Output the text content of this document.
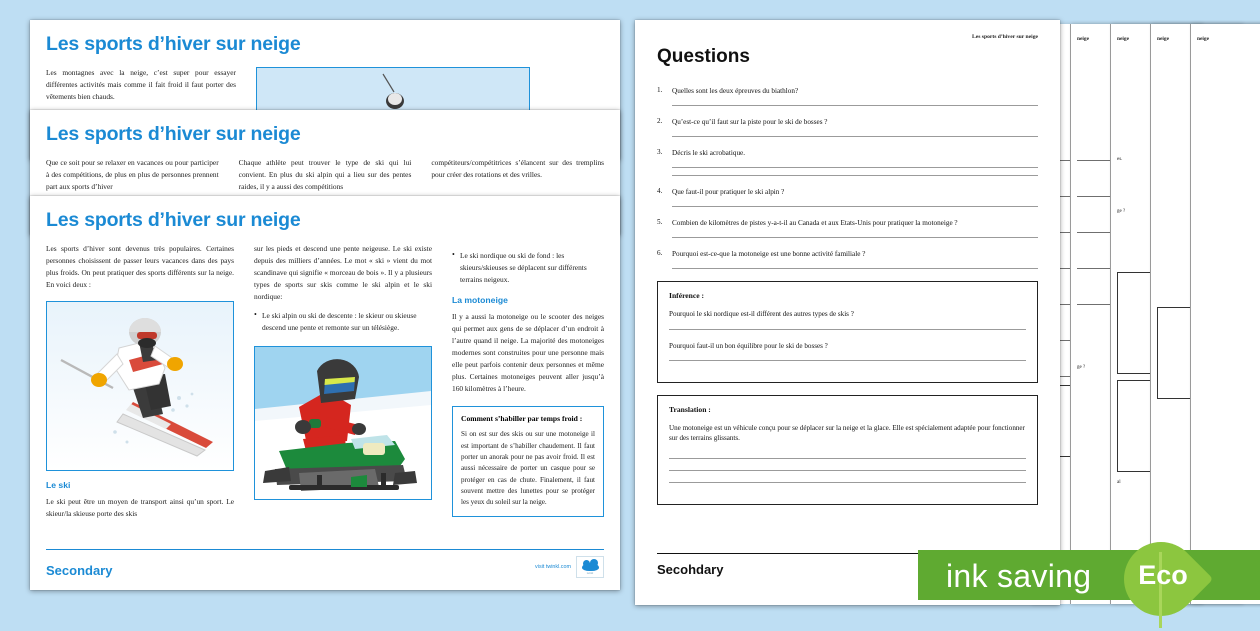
neige
ge ?
neige
es.
ge ?
al
neige	neige
Les sports d’hiver sur neige
Questions
1.	Quelles sont les deux épreuves du biathlon?
2.	Qu’est-ce qu’il faut sur la piste pour le ski de bosses ?
3.	Décris le ski acrobatique.
4.	Que faut-il pour pratiquer le ski alpin ?
5.	Combien de kilomètres de pistes y-a-t-il au Canada et aux Etats-Unis pour pratiquer la motoneige ?
6.	Pourquoi est-ce-que la motoneige est une bonne activité familiale ?
Inférence :

Pourquoi le ski nordique est-il différent des autres types de skis ?

Pourquoi faut-il un bon équilibre pour le ski de bosses ?

Translation :

Une motoneige est un véhicule conçu pour se déplacer sur la neige et la glace. Elle est spécialement adaptée pour fonctionner sur des terrains glissants.

Secohdary
Les sports d’hiver sur neige

Les montagnes avec la neige, c’est super pour essayer différentes activités mais comme il fait froid il faut porter des vêtements bien chauds.

Les sports d’hiver sur neige

Que ce soit pour se relaxer en vacances ou pour participer à des compétitions, de plus en plus de personnes prennent part aux sports d’hiver

Chaque athlète peut trouver le type de ski qui lui convient. En plus du ski alpin qui a lieu sur des pentes raides, il y a aussi des compétitions

compétiteurs/compétitrices s’élancent sur des tremplins pour créer des rotations et des vrilles.

Les sports d’hiver sur neige

Les sports d’hiver sont devenus très populaires. Certaines personnes choisissent de passer leurs vacances dans des pays plus froids. On peut pratiquer des sports différents sur la neige. En voici deux :

Le ski

Le ski peut être un moyen de transport ainsi qu’un sport. Le skieur/la skieuse porte des skis

sur les pieds et descend une pente neigeuse. Le ski existe depuis des milliers d’années. Le mot « ski » vient du mot scandinave qui signifie « morceau de bois ». Il y a plusieurs types de sports sur skis comme le ski alpin et le ski nordique:

• Le ski alpin ou ski de descente : le skieur ou skieuse descend une pente et remonte sur un télésiège.
• Le ski nordique ou ski de fond : les skieurs/skieuses se déplacent sur différents terrains neigeux.
La motoneige

Il y a aussi la motoneige ou le scooter des neiges qui permet aux gens de se déplacer d’un endroit à l’autre quand il neige. La majorité des motoneiges modernes sont construites pour une personne mais elle peut parfois contenir deux personnes et même plus. Certaines motoneiges peuvent aller jusqu’à 160 kilomètres à l’heure.

Comment s’habiller par temps froid :

Si on est sur des skis ou sur une motoneige il est important de s’habiller chaudement. Il faut porter un anorak pour ne pas avoir froid. Il est aussi nécessaire de porter un casque pour se protéger en cas de chute. Finalement, il faut souvent mettre des lunettes pour se protéger les yeux du soleil sur la neige.

Secondary	visit twinkl.com
twinkl	ink saving	Eco
